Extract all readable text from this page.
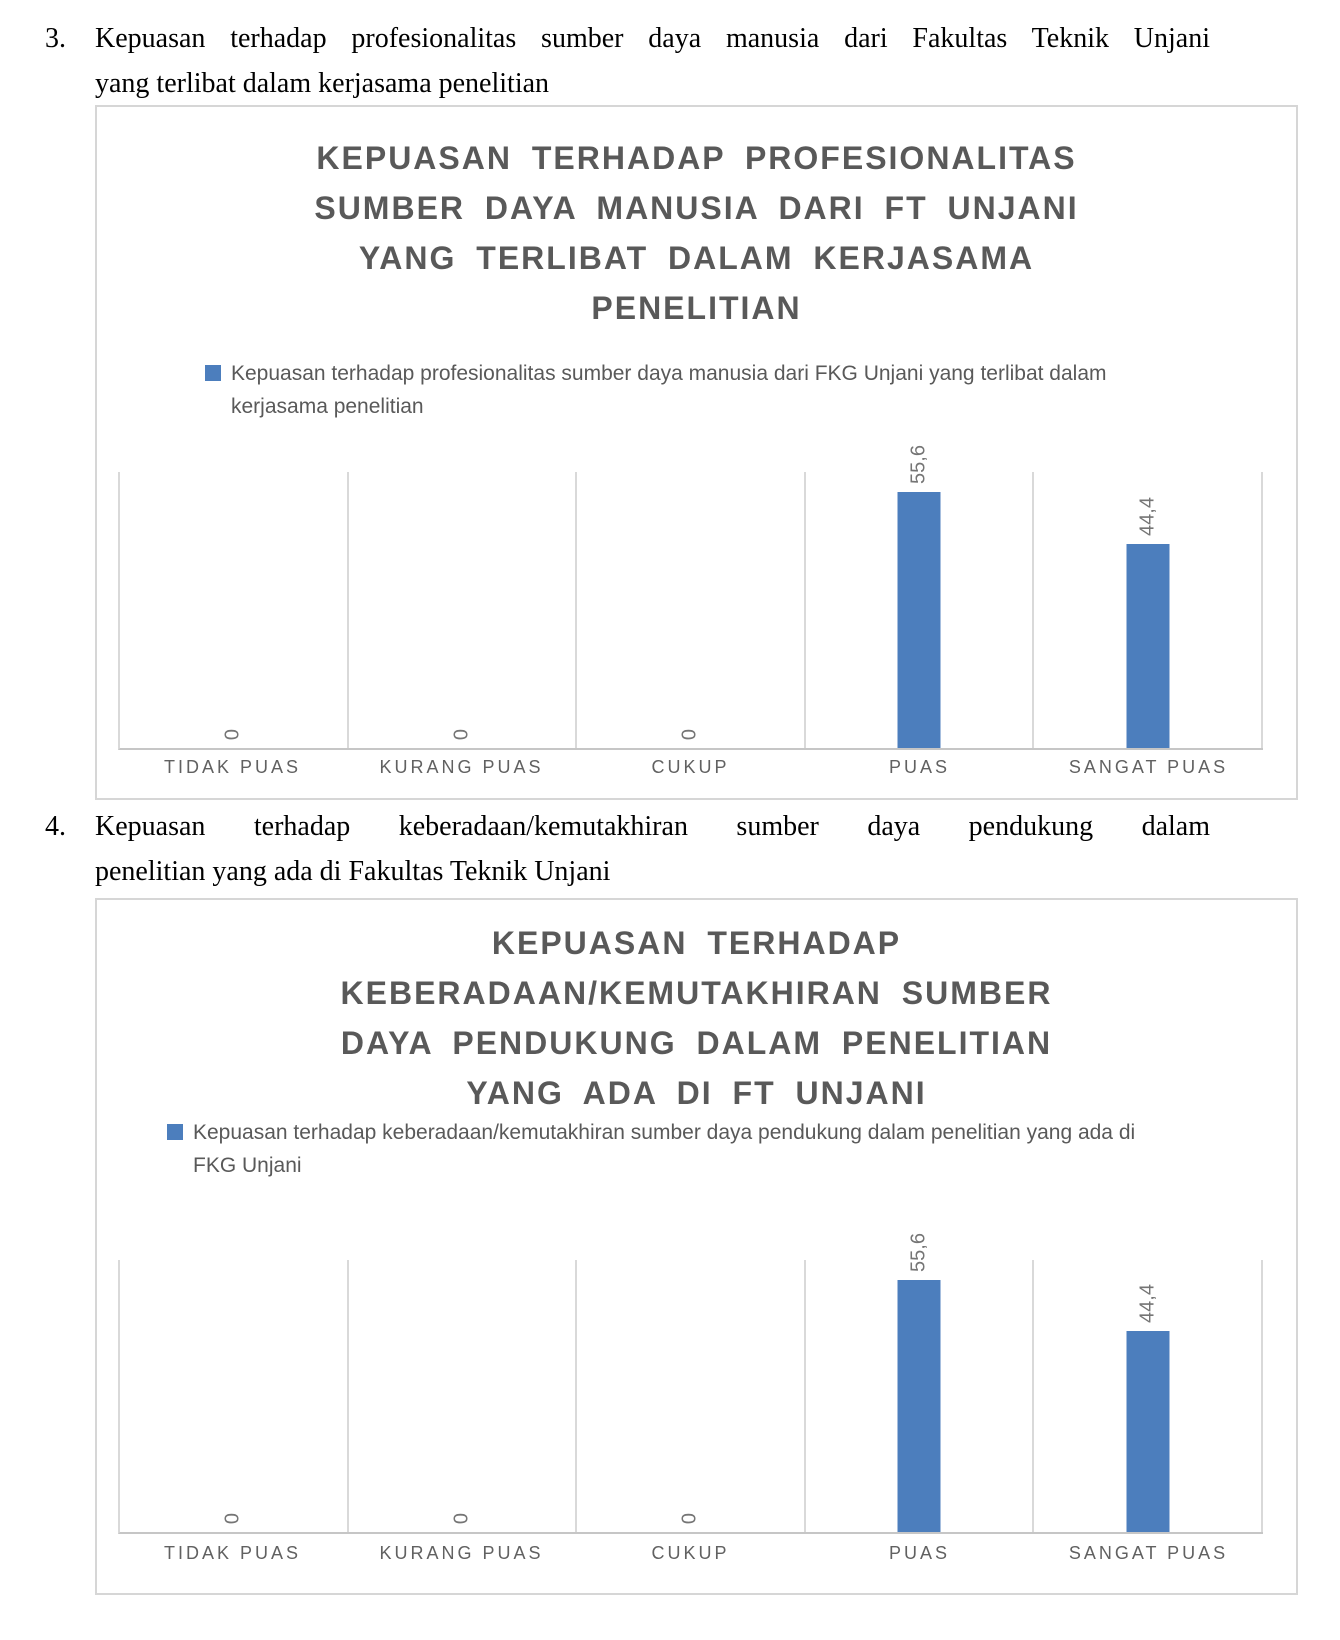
3.	Kepuasan terhadap profesionalitas sumber daya manusia dari Fakultas Teknik Unjani
yang terlibat dalam kerjasama penelitian
KEPUASAN TERHADAP PROFESIONALITAS
SUMBER DAYA MANUSIA DARI FT UNJANI
YANG TERLIBAT DALAM KERJASAMA
PENELITIAN
Kepuasan terhadap profesionalitas sumber daya manusia dari FKG Unjani yang terlibat dalam kerjasama penelitian
0	0	0
55,6
44,4
TIDAK PUAS	KURANG PUAS	CUKUP	PUAS	SANGAT PUAS
4.	Kepuasan terhadap keberadaan/kemutakhiran sumber daya pendukung dalam
penelitian yang ada di Fakultas Teknik Unjani
KEPUASAN TERHADAP
KEBERADAAN/KEMUTAKHIRAN SUMBER
DAYA PENDUKUNG DALAM PENELITIAN
YANG ADA DI FT UNJANI
Kepuasan terhadap keberadaan/kemutakhiran sumber daya pendukung dalam penelitian yang ada di FKG Unjani
0	0	0
55,6
44,4
TIDAK PUAS	KURANG PUAS	CUKUP	PUAS	SANGAT PUAS
